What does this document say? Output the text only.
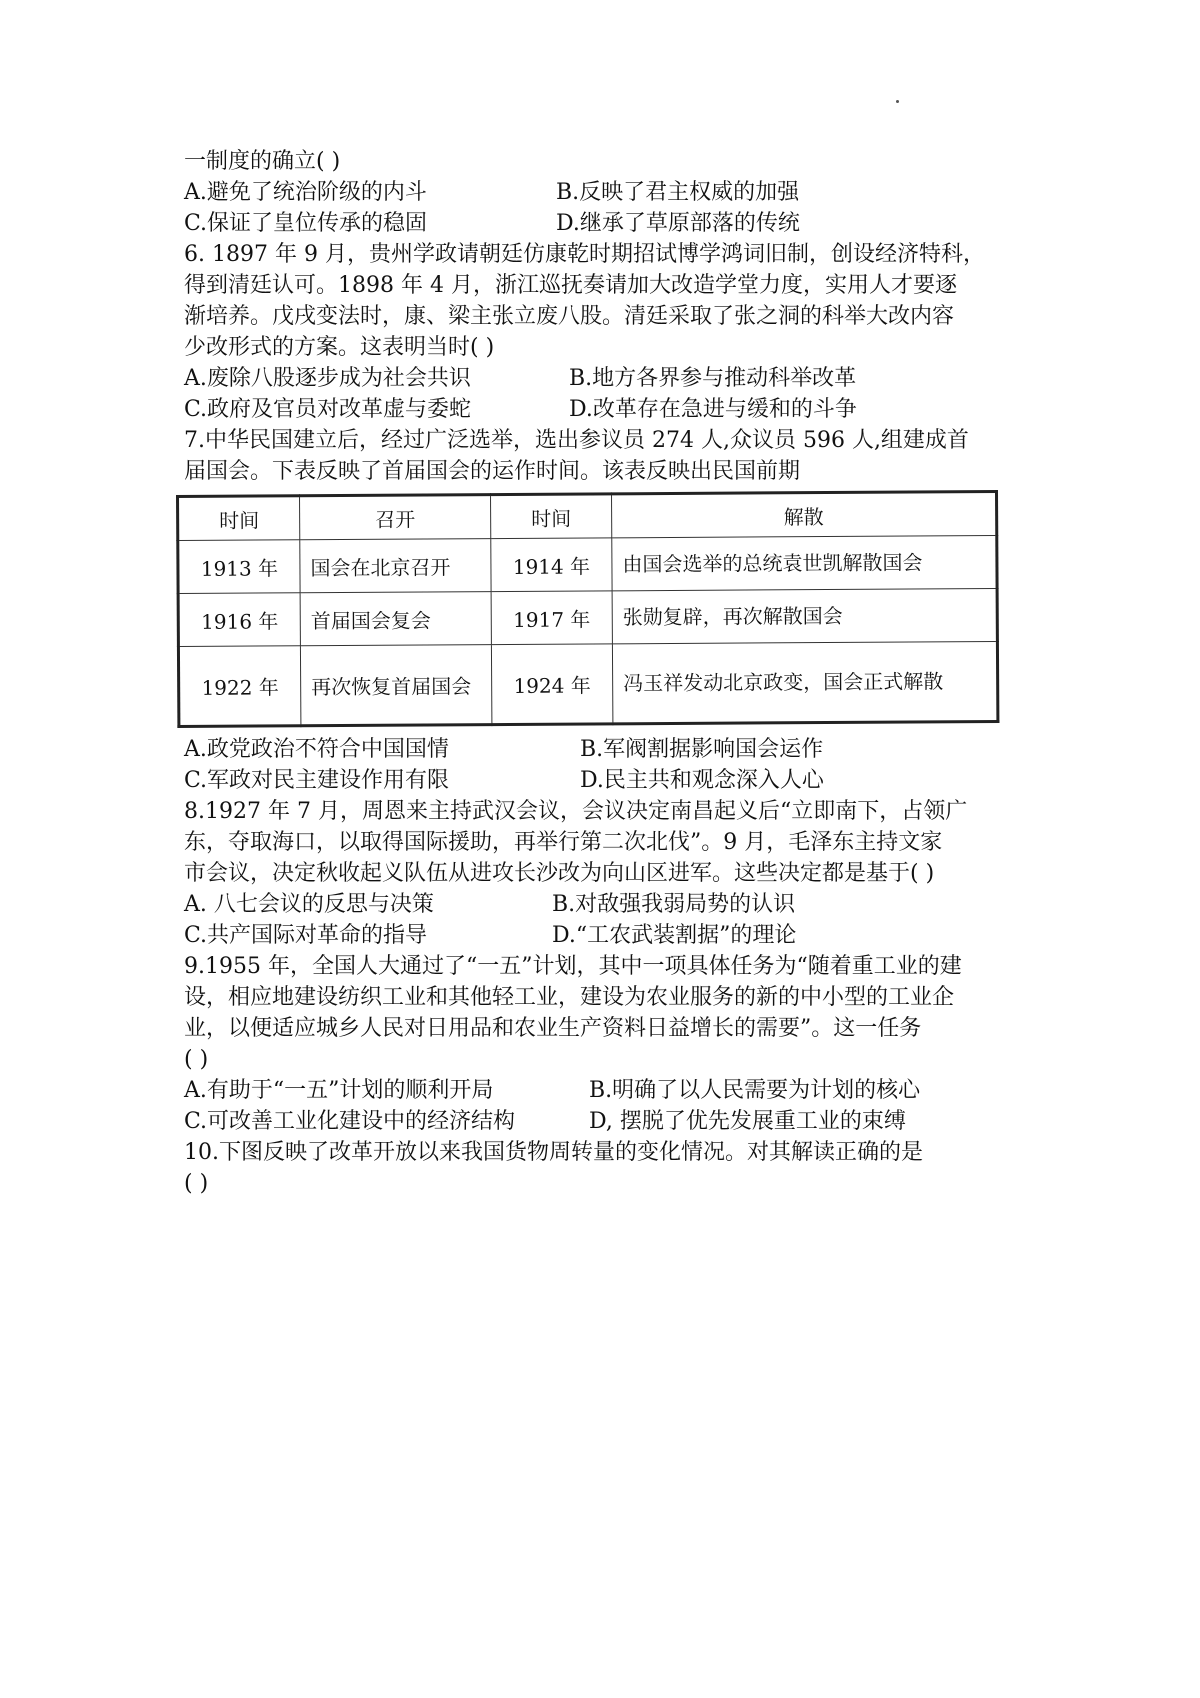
一制度的确立( )
A.避免了统治阶级的内斗	B.反映了君主权威的加强
C.保证了皇位传承的稳固	D.继承了草原部落的传统
6. 1897 年 9 月，贵州学政请朝廷仿康乾时期招试博学鸿词旧制，创设经济特科，
得到清廷认可。1898 年 4 月，浙江巡抚奏请加大改造学堂力度，实用人才要逐
渐培养。戊戌变法时，康、梁主张立废八股。清廷采取了张之洞的科举大改内容
少改形式的方案。这表明当时( )
A.废除八股逐步成为社会共识	B.地方各界参与推动科举改革
C.政府及官员对改革虚与委蛇	D.改革存在急进与缓和的斗争
7.中华民国建立后，经过广泛选举，选出参议员 274 人,众议员 596 人,组建成首
届国会。下表反映了首届国会的运作时间。该表反映出民国前期
时间	召开	时间	解散
1913 年	国会在北京召开	1914 年	由国会选举的总统袁世凯解散国会
1916 年	首届国会复会	1917 年	张勋复辟，再次解散国会
1922 年	再次恢复首届国会	1924 年	冯玉祥发动北京政变，国会正式解散
A.政党政治不符合中国国情	B.军阀割据影响国会运作
C.军政对民主建设作用有限	D.民主共和观念深入人心
8.1927 年 7 月，周恩来主持武汉会议，会议决定南昌起义后“立即南下，占领广
东，夺取海口，以取得国际援助，再举行第二次北伐”。9 月，毛泽东主持文家
市会议，决定秋收起义队伍从进攻长沙改为向山区进军。这些决定都是基于( )
A. 八七会议的反思与决策	B.对敌强我弱局势的认识
C.共产国际对革命的指导	D.“工农武装割据”的理论
9.1955 年，全国人大通过了“一五”计划，其中一项具体任务为“随着重工业的建
设，相应地建设纺织工业和其他轻工业，建设为农业服务的新的中小型的工业企
业，以便适应城乡人民对日用品和农业生产资料日益增长的需要”。这一任务
( )
A.有助于“一五”计划的顺利开局	B.明确了以人民需要为计划的核心
C.可改善工业化建设中的经济结构	D, 摆脱了优先发展重工业的束缚
10.下图反映了改革开放以来我国货物周转量的变化情况。对其解读正确的是
( )
